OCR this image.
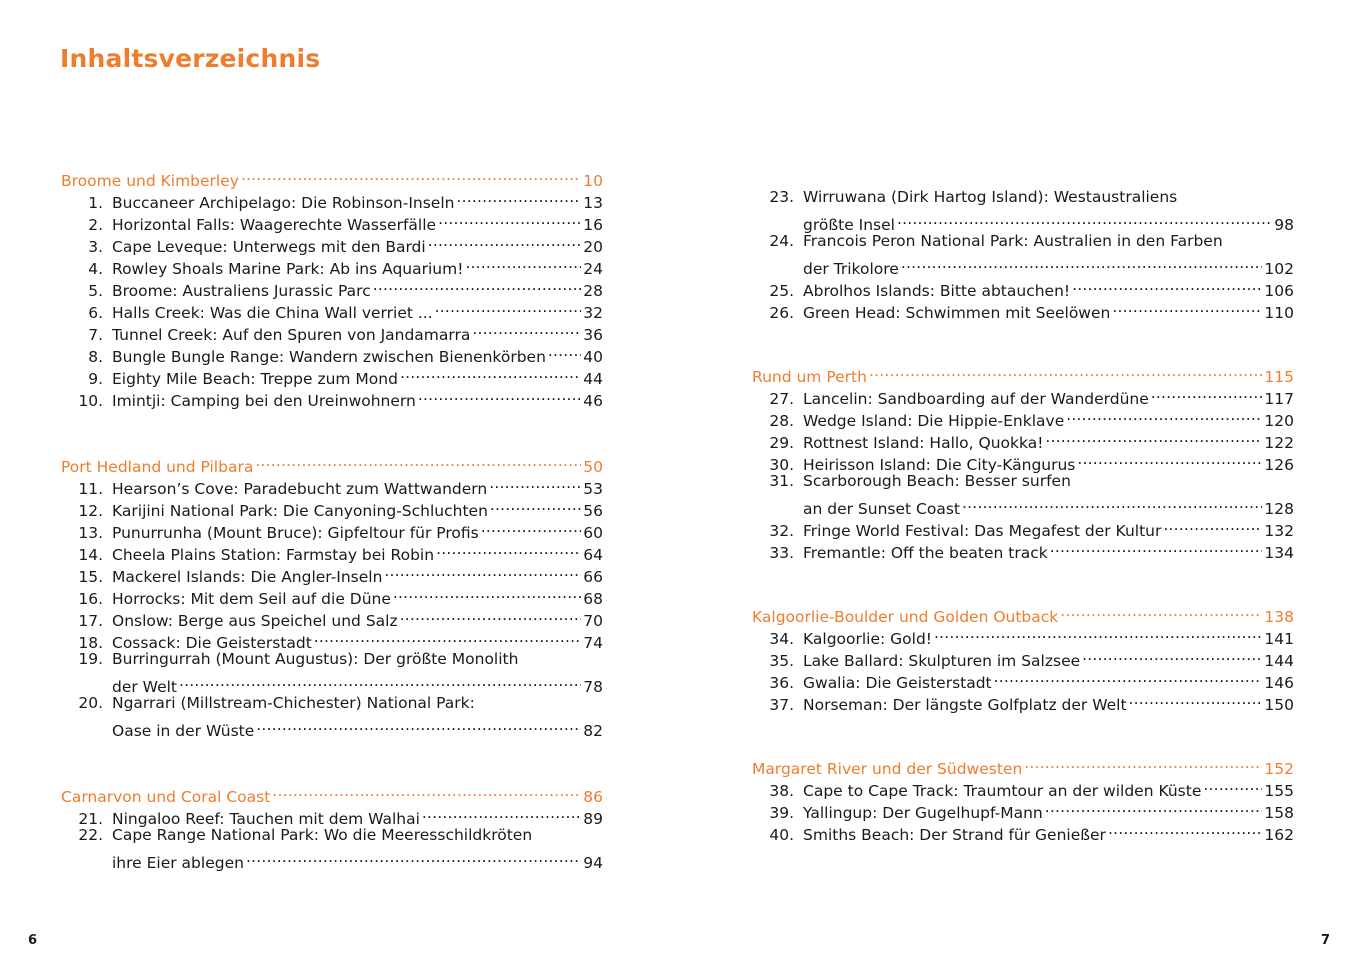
Inhaltsverzeichnis
Broome und Kimberley .....	10
1. Buccaneer Archipelago: Die Robinson-Inseln .....	13
2. Horizontal Falls: Waagerechte Wasserfälle .....	16
3. Cape Leveque: Unterwegs mit den Bardi .....	20
4. Rowley Shoals Marine Park: Ab ins Aquarium! .....	24
5. Broome: Australiens Jurassic Parc .....	28
6. Halls Creek: Was die China Wall verriet ... .....	32
7. Tunnel Creek: Auf den Spuren von Jandamarra .....	36
8. Bungle Bungle Range: Wandern zwischen Bienenkörben ..... 40
9. Eighty Mile Beach: Treppe zum Mond .....	44
10. Imintji: Camping bei den Ureinwohnern .....	46
Port Hedland und Pilbara .....	50
11. Hearson’s Cove: Paradebucht zum Wattwandern .....	53
12. Karijini National Park: Die Canyoning-Schluchten .....	56
13. Punurrunha (Mount Bruce): Gipfeltour für Profis .....	60
14. Cheela Plains Station: Farmstay bei Robin .....	64
15. Mackerel Islands: Die Angler-Inseln .....	66
16. Horrocks: Mit dem Seil auf die Düne .....	68
17. Onslow: Berge aus Speichel und Salz .....	70
18. Cossack: Die Geisterstadt .....	74
19. Burringurrah (Mount Augustus): Der größte Monolith
der Welt .....	78
20. Ngarrari (Millstream-Chichester) National Park:
Oase in der Wüste .....	82
Carnarvon und Coral Coast .....	86
21. Ningaloo Reef: Tauchen mit dem Walhai .....	89
22. Cape Range National Park: Wo die Meeresschildkröten
ihre Eier ablegen .....	94
23. Wirruwana (Dirk Hartog Island): Westaustraliens
größte Insel .....	98
24. Francois Peron National Park: Australien in den Farben
der Trikolore .....	102
25. Abrolhos Islands: Bitte abtauchen! .....	106
26. Green Head: Schwimmen mit Seelöwen .....	110
Rund um Perth .....	115
27. Lancelin: Sandboarding auf der Wanderdüne .....	117
28. Wedge Island: Die Hippie-Enklave .....	120
29. Rottnest Island: Hallo, Quokka! .....	122
30. Heirisson Island: Die City-Kängurus .....	126
31. Scarborough Beach: Besser surfen
an der Sunset Coast .....	128
32. Fringe World Festival: Das Megafest der Kultur .....	132
33. Fremantle: Off the beaten track .....	134
Kalgoorlie-Boulder und Golden Outback .....	138
34. Kalgoorlie: Gold! .....	141
35. Lake Ballard: Skulpturen im Salzsee .....	144
36. Gwalia: Die Geisterstadt .....	146
37. Norseman: Der längste Golfplatz der Welt .....	150
Margaret River und der Südwesten .....	152
38. Cape to Cape Track: Traumtour an der wilden Küste .....	155
39. Yallingup: Der Gugelhupf-Mann .....	158
40. Smiths Beach: Der Strand für Genießer .....	162
6	7
